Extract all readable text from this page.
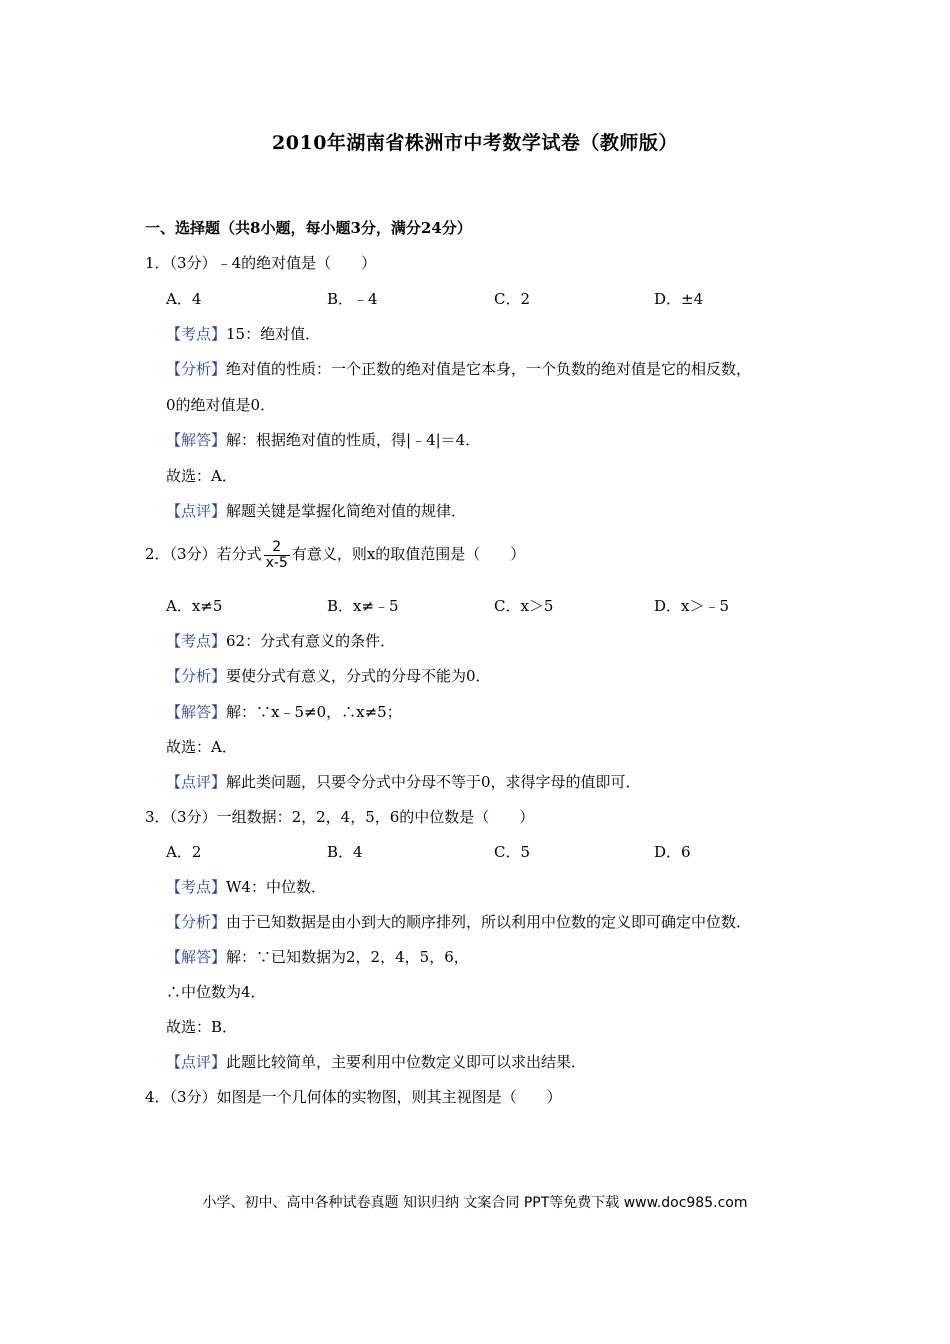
2010年湖南省株洲市中考数学试卷（教师版）
一、选择题（共8小题，每小题3分，满分24分）
1．（3分）﹣4的绝对值是（　　）
A．4	B．﹣4	C．2	D．±4
【考点】15：绝对值．
【分析】绝对值的性质：一个正数的绝对值是它本身，一个负数的绝对值是它的相反数，
0的绝对值是0．
【解答】解：根据绝对值的性质，得|﹣4|＝4．
故选：A．
【点评】解题关键是掌握化简绝对值的规律．
2．（3分）若分式 $\frac{2}{x-5}$ 有意义，则x的取值范围是（　　）
A．x≠5	B．x≠﹣5	C．x＞5	D．x＞﹣5
【考点】62：分式有意义的条件．
【分析】要使分式有意义，分式的分母不能为0．
【解答】解：∵x﹣5≠0，∴x≠5；
故选：A．
【点评】解此类问题，只要令分式中分母不等于0，求得字母的值即可．
3．（3分）一组数据：2，2，4，5，6的中位数是（　　）
A．2	B．4	C．5	D．6
【考点】W4：中位数．
【分析】由于已知数据是由小到大的顺序排列，所以利用中位数的定义即可确定中位数．
【解答】解：∵已知数据为2，2，4，5，6，
∴中位数为4．
故选：B．
【点评】此题比较简单，主要利用中位数定义即可以求出结果．
4．（3分）如图是一个几何体的实物图，则其主视图是（　　）
小学、初中、高中各种试卷真题 知识归纳 文案合同 PPT等免费下载 www.doc985.com
